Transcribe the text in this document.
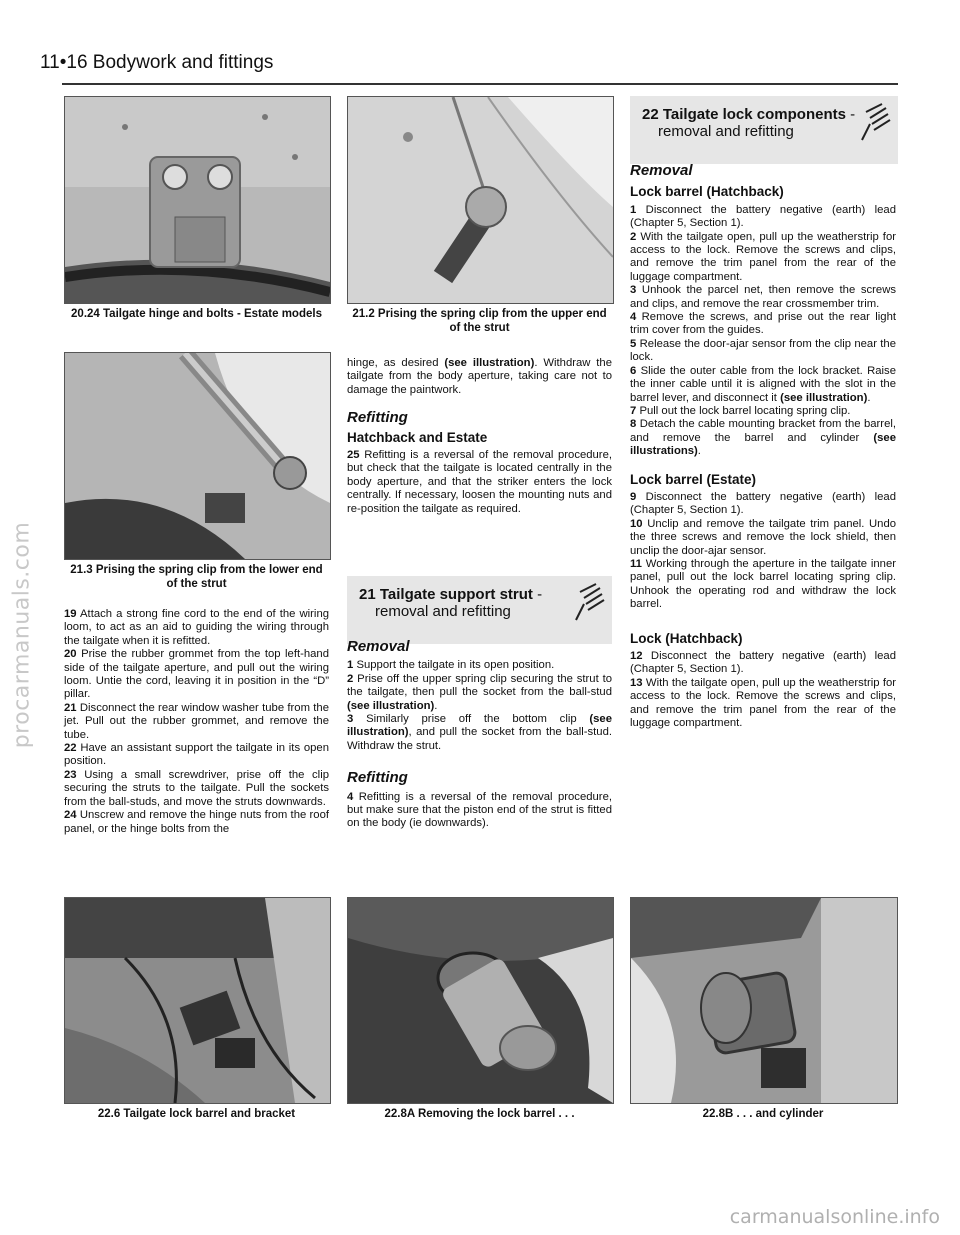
procarmanuals.com
11•16 Bodywork and fittings
20.24 Tailgate hinge and bolts - Estate models	21.2 Prising the spring clip from the upper end of the strut
21.3 Prising the spring clip from the lower end of the strut

19 Attach a strong fine cord to the end of the wiring loom, to act as an aid to guiding the wiring through the tailgate when it is refitted.

20 Prise the rubber grommet from the top left-hand side of the tailgate aperture, and pull out the wiring loom. Untie the cord, leaving it in position in the “D” pillar.

21 Disconnect the rear window washer tube from the jet. Pull out the rubber grommet, and remove the tube.

22 Have an assistant support the tailgate in its open position.

23 Using a small screwdriver, prise off the clip securing the struts to the tailgate. Pull the sockets from the ball-studs, and move the struts downwards.

24 Unscrew and remove the hinge nuts from the roof panel, or the hinge bolts from the

hinge, as desired (see illustration). Withdraw the tailgate from the body aperture, taking care not to damage the paintwork.

Refitting
Hatchback and Estate

25 Refitting is a reversal of the removal procedure, but check that the tailgate is located centrally in the body aperture, and that the striker enters the lock centrally. If necessary, loosen the mounting nuts and re-position the tailgate as required.

21 Tailgate support strut -
removal and refitting
Removal

1 Support the tailgate in its open position.

2 Prise off the upper spring clip securing the strut to the tailgate, then pull the socket from the ball-stud (see illustration).

3 Similarly prise off the bottom clip (see illustration), and pull the socket from the ball-stud. Withdraw the strut.

Refitting

4 Refitting is a reversal of the removal procedure, but make sure that the piston end of the strut is fitted on the body (ie downwards).

22 Tailgate lock components -
removal and refitting
Removal
Lock barrel (Hatchback)

1 Disconnect the battery negative (earth) lead (Chapter 5, Section 1).

2 With the tailgate open, pull up the weatherstrip for access to the lock. Remove the screws and clips, and remove the trim panel from the rear of the luggage compartment.

3 Unhook the parcel net, then remove the screws and clips, and remove the rear crossmember trim.

4 Remove the screws, and prise out the rear light trim cover from the guides.

5 Release the door-ajar sensor from the clip near the lock.

6 Slide the outer cable from the lock bracket. Raise the inner cable until it is aligned with the slot in the barrel lever, and disconnect it (see illustration).

7 Pull out the lock barrel locating spring clip.

8 Detach the cable mounting bracket from the barrel, and remove the barrel and cylinder (see illustrations).

Lock barrel (Estate)

9 Disconnect the battery negative (earth) lead (Chapter 5, Section 1).

10 Unclip and remove the tailgate trim panel. Undo the three screws and remove the lock shield, then unclip the door-ajar sensor.

11 Working through the aperture in the tailgate inner panel, pull out the lock barrel locating spring clip. Unhook the operating rod and withdraw the lock barrel.

Lock (Hatchback)

12 Disconnect the battery negative (earth) lead (Chapter 5, Section 1).

13 With the tailgate open, pull up the weatherstrip for access to the lock. Remove the screws and clips, and remove the trim panel from the rear of the luggage compartment.

22.6 Tailgate lock barrel and bracket	22.8A Removing the lock barrel . . .	22.8B . . . and cylinder
carmanualsonline.info
